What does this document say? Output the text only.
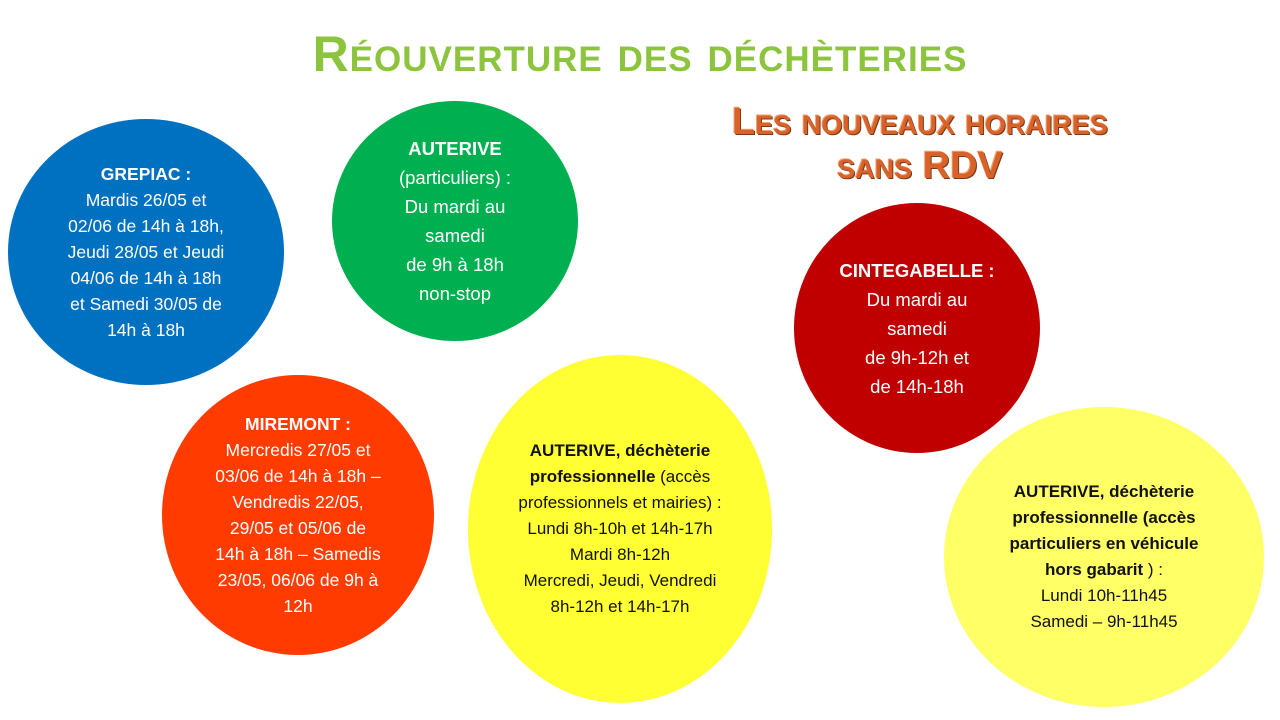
Réouverture des déchèteries
Les nouveaux horaires
sans RDV
GREPIAC :
Mardis 26/05 et
02/06 de 14h à 18h,
Jeudi 28/05 et Jeudi
04/06 de 14h à 18h
et Samedi 30/05 de
14h à 18h
AUTERIVE
(particuliers) :
Du mardi au
samedi
de 9h à 18h
non-stop
CINTEGABELLE :
Du mardi au
samedi
de 9h-12h et
de 14h-18h
MIREMONT :
Mercredis 27/05 et
03/06 de 14h à 18h –
Vendredis 22/05,
29/05 et 05/06 de
14h à 18h – Samedis
23/05, 06/06 de 9h à
12h
AUTERIVE, déchèterie
professionnelle (accès
professionnels et mairies) :
Lundi 8h-10h et 14h-17h
Mardi 8h-12h
Mercredi, Jeudi, Vendredi
8h-12h et 14h-17h
AUTERIVE, déchèterie
professionnelle (accès
particuliers en véhicule
hors gabarit ) :
Lundi 10h-11h45
Samedi – 9h-11h45
